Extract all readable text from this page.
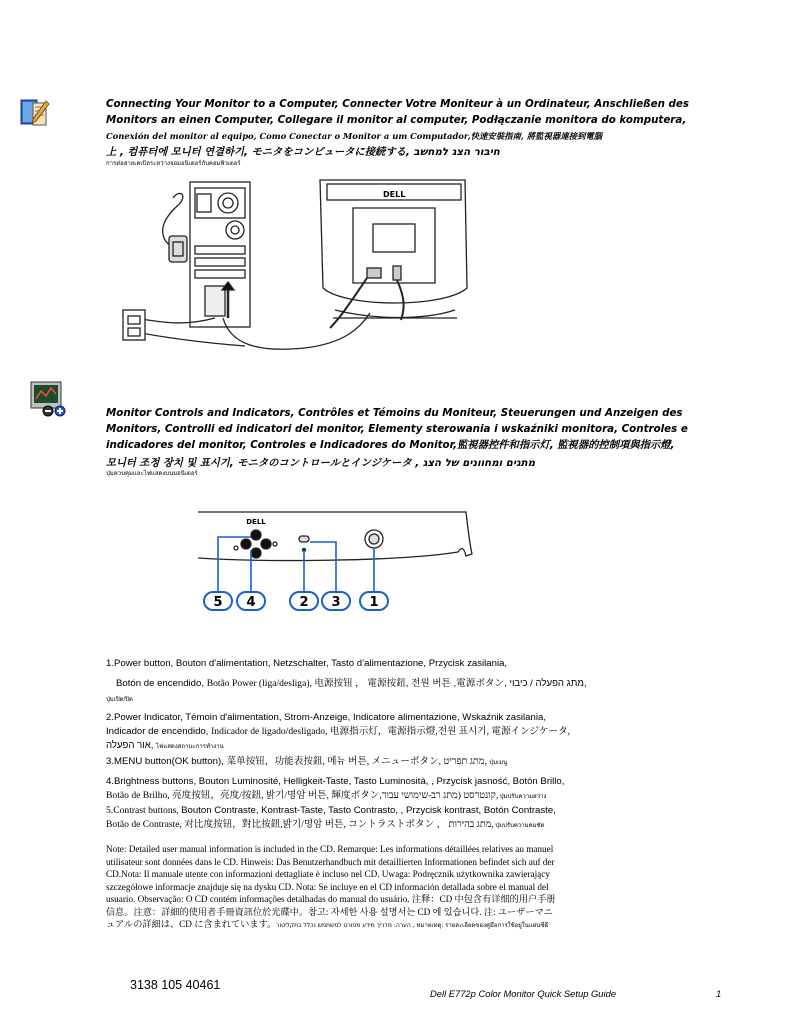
Connecting Your Monitor to a Computer, Connecter Votre Moniteur à un Ordinateur, Anschließen des
Monitors an einen Computer, Collegare il monitor al computer, Podłączanie monitora do komputera,
Conexión del monitor al equipo, Como Conectar o Monitor a um Computador,快速安裝指南, 將監視器連接到電腦
上 , 컴퓨터에 모니터 연결하기, モニタをコンピュータに接続する, חיבור הצג למחשב
การต่อสายเคเบิลระหว่างจอมอนิเตอร์กับคอมพิวเตอร์
DELL
Monitor Controls and Indicators, Contrôles et Témoins du Moniteur, Steuerungen und Anzeigen des
Monitors, Controlli ed indicatori del monitor, Elementy sterowania i wskaźniki monitora, Controles e
indicadores del monitor, Controles e Indicadores do Monitor,監視器控件和指示灯, 監視器的控制項與指示燈,
모니터 조정 장치 및 표시기, モニタのコントロールとインジケータ , מתגים ומחוונים של הצג
ปุ่มควบคุมและไฟแสดงบนมอนิเตอร์
5 4	2 3 1
DELL
1.Power button, Bouton d'alimentation, Netzschalter, Tasto d’alimentazione, Przycisk zasilania,
Botón de encendido, Botão Power (liga/desliga), 电源按钮 ， 電源按鈕, 전원 버튼 ,電源ボタン, מתג הפעלה / כיבוי,
ปุ่มเปิด/ปิด
2.Power Indicator, Témoin d'alimentation, Strom-Anzeige, Indicatore alimentazione, Wskaźnik zasilania,
Indicador de encendido, Indicador de ligado/desligado, 电源指示灯，電源指示燈,전원 표시기, 電源インジケータ,
אור הפעלה, ไฟแสดงสถานะการทำงาน
3.MENU button(OK button), 菜单按钮，功能表按鈕, 메뉴 버튼, メニューボタン, מתג תפריט, ปุ่มเมนู
4.Brightness buttons, Bouton Luminosité, Helligkeit-Taste, Tasto Luminosità, , Przycisk jasność, Botón Brillo,
Botão de Brilho, 亮度按钮，亮度/按鈕, 밝기/명암 버튼, 輝度ボタン,קונטרסט (מתג רב-שימושי עבור, ปุ่มปรับความสว่าง
5.Contrast buttons, Bouton Contraste, Kontrast-Taste, Tasto Contrasto, , Przycisk kontrast, Botón Contraste,
Botão de Contraste, 对比度按钮，對比按鈕,밝기/명암 버튼, コントラストボタン ， מתג בהירות, ปุ่มปรับความคมชัด
Note: Detailed user manual information is included in the CD. Remarque: Les informations détaillées relatives au manuel
utilisateur sont données dans le CD. Hinweis: Das Benutzerhandbuch mit detaillierten Informationen befindet sich auf der
CD.Nota: Il manuale utente con informazioni dettagliate è incluso nel CD. Uwaga: Podręcznik użytkownika zawierający
szczegółowe informacje znajduje się na dysku CD. Nota: Se incluye en el CD información detallada sobre el manual del
usuario. Observação: O CD contém informações detalhadas do manual do usuário. 注释：CD 中包含有详细的用户手册
信息。注意：詳細的使用者手冊資訊位於光碟中。참고: 자세한 사용 설명서는 CD 에 있습니다. 注: ユーザーマニ
ュアルの詳細は、CD に含まれています。הערה: מדריך מידע מפורט למשתמש נכלל בתקליטור , หมายเหตุ: รายละเอียดของคู่มือการใช้อยู่ในแผ่นซีดี
3138 105 40461
Dell E772p Color Monitor Quick Setup Guide	1
